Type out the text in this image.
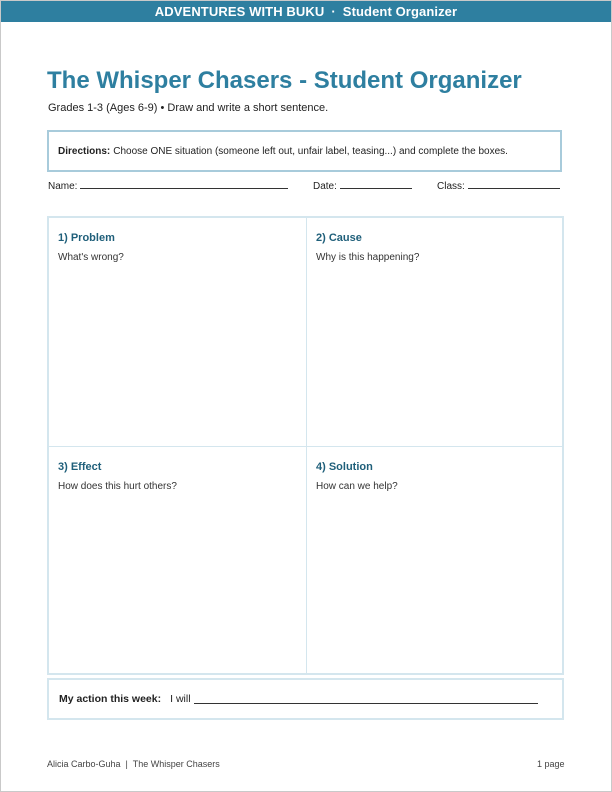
ADVENTURES WITH BUKU · Student Organizer
The Whisper Chasers - Student Organizer
Grades 1-3 (Ages 6-9) • Draw and write a short sentence.
Directions: Choose ONE situation (someone left out, unfair label, teasing...) and complete the boxes.
Name:	Date:	Class:
1) Problem
What's wrong?
2) Cause
Why is this happening?
3) Effect
How does this hurt others?
4) Solution
How can we help?
My action this week: I will
Alicia Carbo-Guha  |  The Whisper Chasers	1 page
